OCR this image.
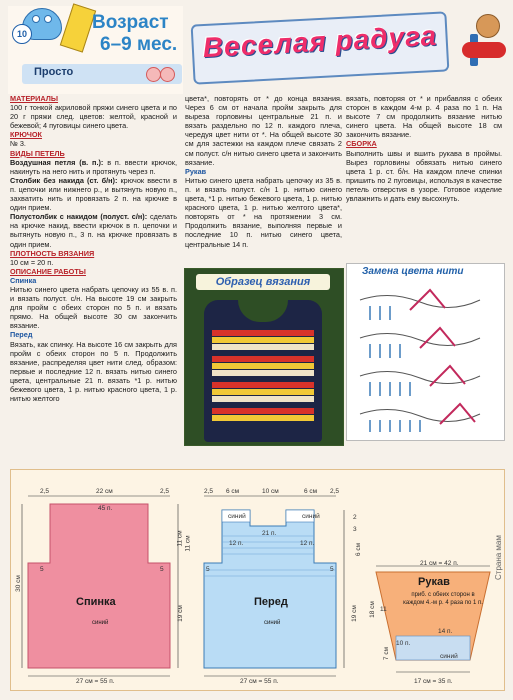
10
Возраст
6–9 мес.
Просто
Веселая радуга

МАТЕРИАЛЫ

100 г тонкой акриловой пряжи синего цвета и по 20 г пряжи след. цветов: желтой, красной и бежевой; 4 пуговицы синего цвета.

КРЮЧОК

№ 3.

ВИДЫ ПЕТЕЛЬ

Воздушная петля (в. п.): в п. ввести крючок, накинуть на него нить и протянуть через п.

Столбик без накида (ст. б/н): крючок ввести в п. цепочки или нижнего р., и вытянуть новую п., захватить нить и провязать 2 п. на крючке в один прием.

Полустолбик с накидом (полуст. с/н): сделать на крючке накид, ввести крючок в п. цепочки и вытянуть новую п., 3 п. на крючке провязать в один прием.

ПЛОТНОСТЬ ВЯЗАНИЯ

10 см = 20 п.

ОПИСАНИЕ РАБОТЫ

Спинка

Нитью синего цвета набрать цепочку из 55 в. п. и вязать полуст. с/н. На высоте 19 см закрыть для пройм с обеих сторон по 5 п. и вязать прямо. На общей высоте 30 см закончить вязание.

Перед

Вязать, как спинку. На высоте 16 см закрыть для пройм с обеих сторон по 5 п. Продолжить вязание, распределяя цвет нити след. образом: первые и последние 12 п. вязать нитью синего цвета, центральные 21 п. вязать *1 р. нитью бежевого цвета, 1 р. нитью красного цвета, 1 р. нитью желтого

цвета*, повторять от * до конца вязания. Через 6 см от начала пройм закрыть для выреза горловины центральные 21 п. и вязать раздельно по 12 п. каждого плеча, чередуя цвет нити от *. На общей высоте 30 см для застежки на каждом плече связать 2 см полуст. с/н нитью синего цвета и закончить вязание.

Рукав

Нитью синего цвета набрать цепочку из 35 в. п. и вязать полуст. с/н 1 р. нитью синего цвета, *1 р. нитью бежевого цвета, 1 р. нитью красного цвета, 1 р. нитью желтого цвета*, повторять от * на протяжении 3 см. Продолжить вязание, выполняя первые и последние 10 п. нитью синего цвета, центральные 14 п.

Образец вязания

вязать, повторяя от * и прибавляя с обеих сторон в каждом 4-м р. 4 раза по 1 п. На высоте 7 см продолжить вязание нитью синего цвета. На общей высоте 18 см закончить вязание.

СБОРКА

Выполнить швы и вшить рукава в проймы. Вырез горловины обвязать нитью синего цвета 1 р. ст. б/н. На каждом плече спинки пришить по 2 пуговицы, используя в качестве петель отверстия в узоре. Готовое изделие увлажнить и дать ему высохнуть.

Замена цвета нити
2,5	22 см	2,5
45 п.
30 см
11 см
19 см
5	5
Спинка
синий
27 см = 55 п.
2,5 6 см	10 см	6 см 2,5
синий	синий
21 п.
12 п.	12 п.
2
3
6 см
11 см
19 см
5	5
Перед
синий
27 см = 55 п.
21 см = 42 п.
Рукав
приб. с обеих сторон в каждом 4.-м р. 4 раза по 1 п.
14 п.
10 п.
синий
18 см 11
7 см
17 см = 35 п.
Страна мам
